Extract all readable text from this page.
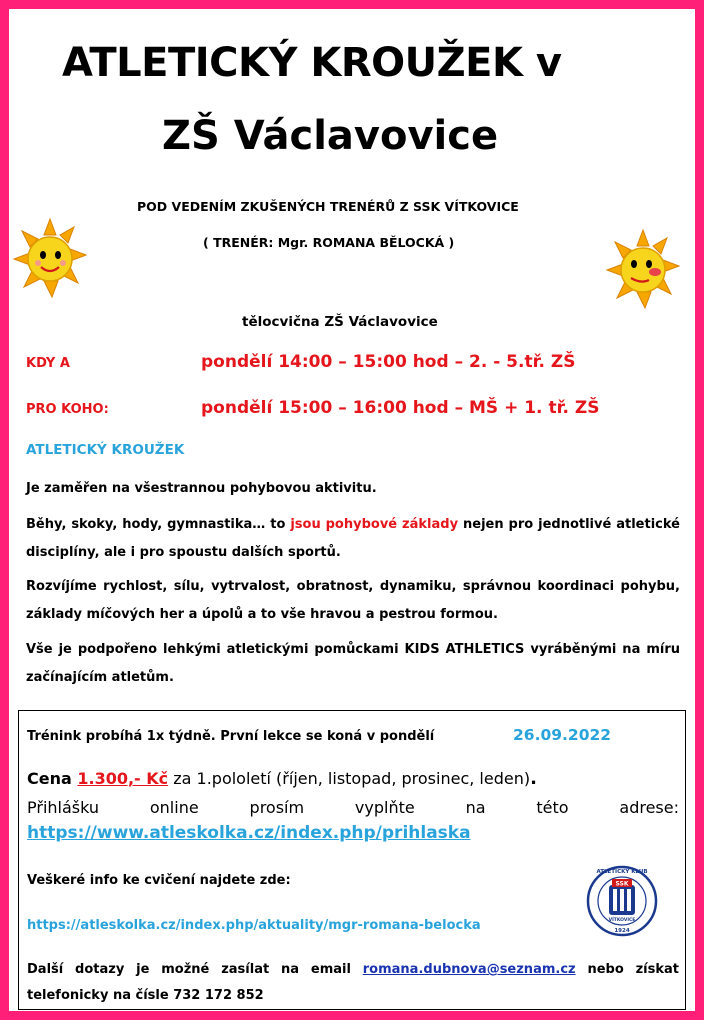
ATLETICKÝ KROUŽEK v
ZŠ Václavovice
POD VEDENÍM ZKUŠENÝCH TRENÉRŮ Z SSK VÍTKOVICE
( TRENÉR: Mgr. ROMANA BĚLOCKÁ )
tělocvična ZŠ Václavovice
KDY A	pondělí 14:00 – 15:00 hod – 2. - 5.tř. ZŠ
PRO KOHO:	pondělí 15:00 – 16:00 hod – MŠ + 1. tř. ZŠ
ATLETICKÝ KROUŽEK
Je zaměřen na všestrannou pohybovou aktivitu.
Běhy, skoky, hody, gymnastika… to jsou pohybové základy nejen pro jednotlivé atletické disciplíny, ale i pro spoustu dalších sportů.
Rozvíjíme rychlost, sílu, vytrvalost, obratnost, dynamiku, správnou koordinaci pohybu, základy míčových her a úpolů a to vše hravou a pestrou formou.
Vše je podpořeno lehkými atletickými pomůckami KIDS ATHLETICS vyráběnými na míru začínajícím atletům.
Trénink probíhá 1x týdně. První lekce se koná v pondělí	26.09.2022
Cena 1.300,- Kč za 1.pololetí (říjen, listopad, prosinec, leden).
Přihlášku online prosím vyplňte na této adrese:
https://www.atleskolka.cz/index.php/prihlaska
Veškeré info ke cvičení najdete zde:
https://atleskolka.cz/index.php/aktuality/mgr-romana-belocka
Další dotazy je možné zasílat na email romana.dubnova@seznam.cz nebo získat telefonicky na čísle 732 172 852
SSK
VÍTKOVICE
ATLETICKÝ KLUB
1924
